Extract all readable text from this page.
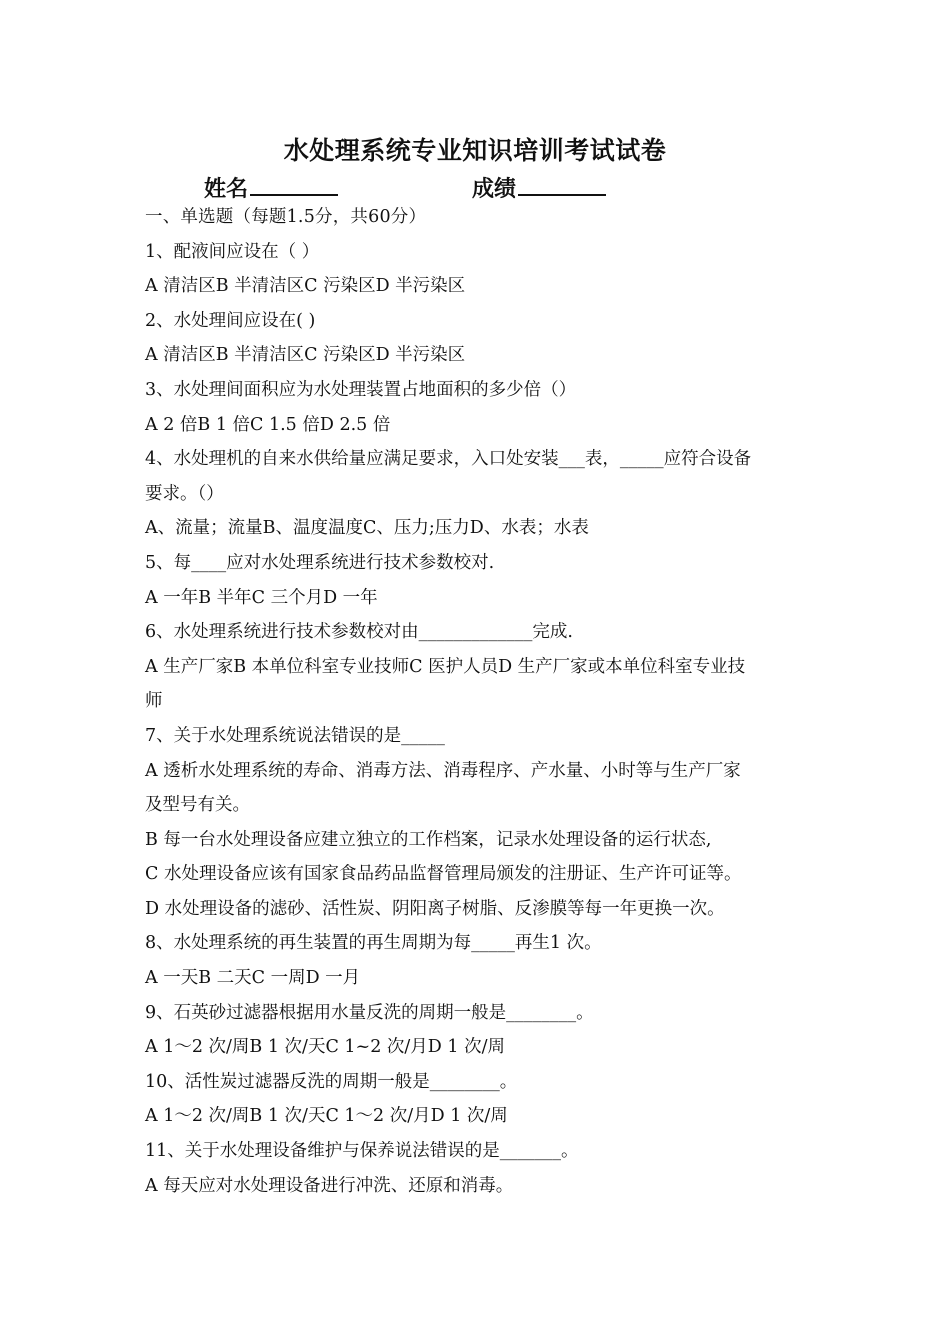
水处理系统专业知识培训考试试卷
姓名	成绩
一、单选题（每题1.5分，共60分）
1、配液间应设在（ ）
A 清洁区B 半清洁区C 污染区D 半污染区
2、水处理间应设在( )
A 清洁区B 半清洁区C 污染区D 半污染区
3、水处理间面积应为水处理装置占地面积的多少倍（）
A 2 倍B 1 倍C 1.5 倍D 2.5 倍
4、水处理机的自来水供给量应满足要求，入口处安装___表，_____应符合设备
要求。（）
A、流量；流量B、温度温度C、压力;压力D、水表；水表
5、每____应对水处理系统进行技术参数校对.
A 一年B 半年C 三个月D 一年
6、水处理系统进行技术参数校对由_____________完成.
A 生产厂家B 本单位科室专业技师C 医护人员D 生产厂家或本单位科室专业技
师
7、关于水处理系统说法错误的是_____
A 透析水处理系统的寿命、消毒方法、消毒程序、产水量、小时等与生产厂家
及型号有关。
B 每一台水处理设备应建立独立的工作档案，记录水处理设备的运行状态,
C 水处理设备应该有国家食品药品监督管理局颁发的注册证、生产许可证等。
D 水处理设备的滤砂、活性炭、阴阳离子树脂、反渗膜等每一年更换一次。
8、水处理系统的再生装置的再生周期为每_____再生1 次。
A 一天B 二天C 一周D 一月
9、石英砂过滤器根据用水量反洗的周期一般是________。
A 1～2 次/周B 1 次/天C 1~2 次/月D 1 次/周
10、活性炭过滤器反洗的周期一般是________。
A 1～2 次/周B 1 次/天C 1～2 次/月D 1 次/周
11、关于水处理设备维护与保养说法错误的是_______。
A 每天应对水处理设备进行冲洗、还原和消毒。
